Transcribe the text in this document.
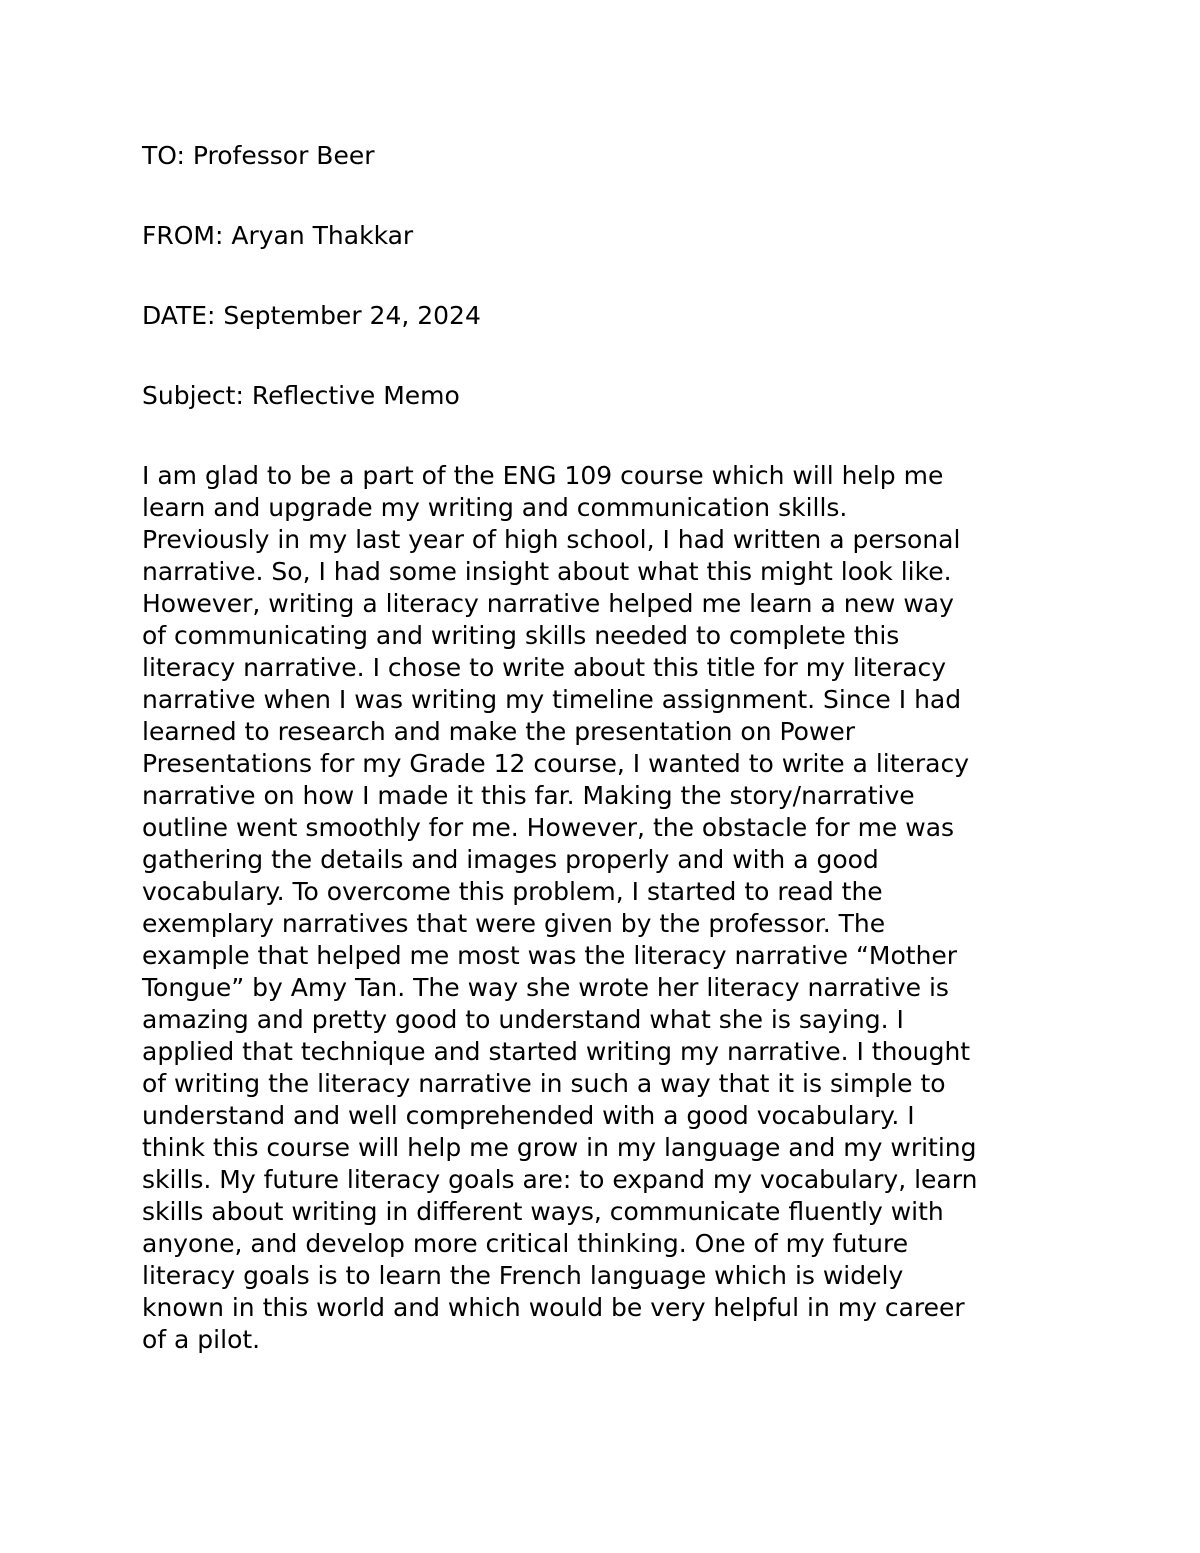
TO: Professor Beer
FROM: Aryan Thakkar
DATE: September 24, 2024
Subject: Reflective Memo
I am glad to be a part of the ENG 109 course which will help me
learn and upgrade my writing and communication skills.
Previously in my last year of high school, I had written a personal
narrative. So, I had some insight about what this might look like.
However, writing a literacy narrative helped me learn a new way
of communicating and writing skills needed to complete this
literacy narrative. I chose to write about this title for my literacy
narrative when I was writing my timeline assignment. Since I had
learned to research and make the presentation on Power
Presentations for my Grade 12 course, I wanted to write a literacy
narrative on how I made it this far. Making the story/narrative
outline went smoothly for me. However, the obstacle for me was
gathering the details and images properly and with a good
vocabulary. To overcome this problem, I started to read the
exemplary narratives that were given by the professor. The
example that helped me most was the literacy narrative “Mother
Tongue” by Amy Tan. The way she wrote her literacy narrative is
amazing and pretty good to understand what she is saying. I
applied that technique and started writing my narrative. I thought
of writing the literacy narrative in such a way that it is simple to
understand and well comprehended with a good vocabulary. I
think this course will help me grow in my language and my writing
skills. My future literacy goals are: to expand my vocabulary, learn
skills about writing in different ways, communicate fluently with
anyone, and develop more critical thinking. One of my future
literacy goals is to learn the French language which is widely
known in this world and which would be very helpful in my career
of a pilot.
